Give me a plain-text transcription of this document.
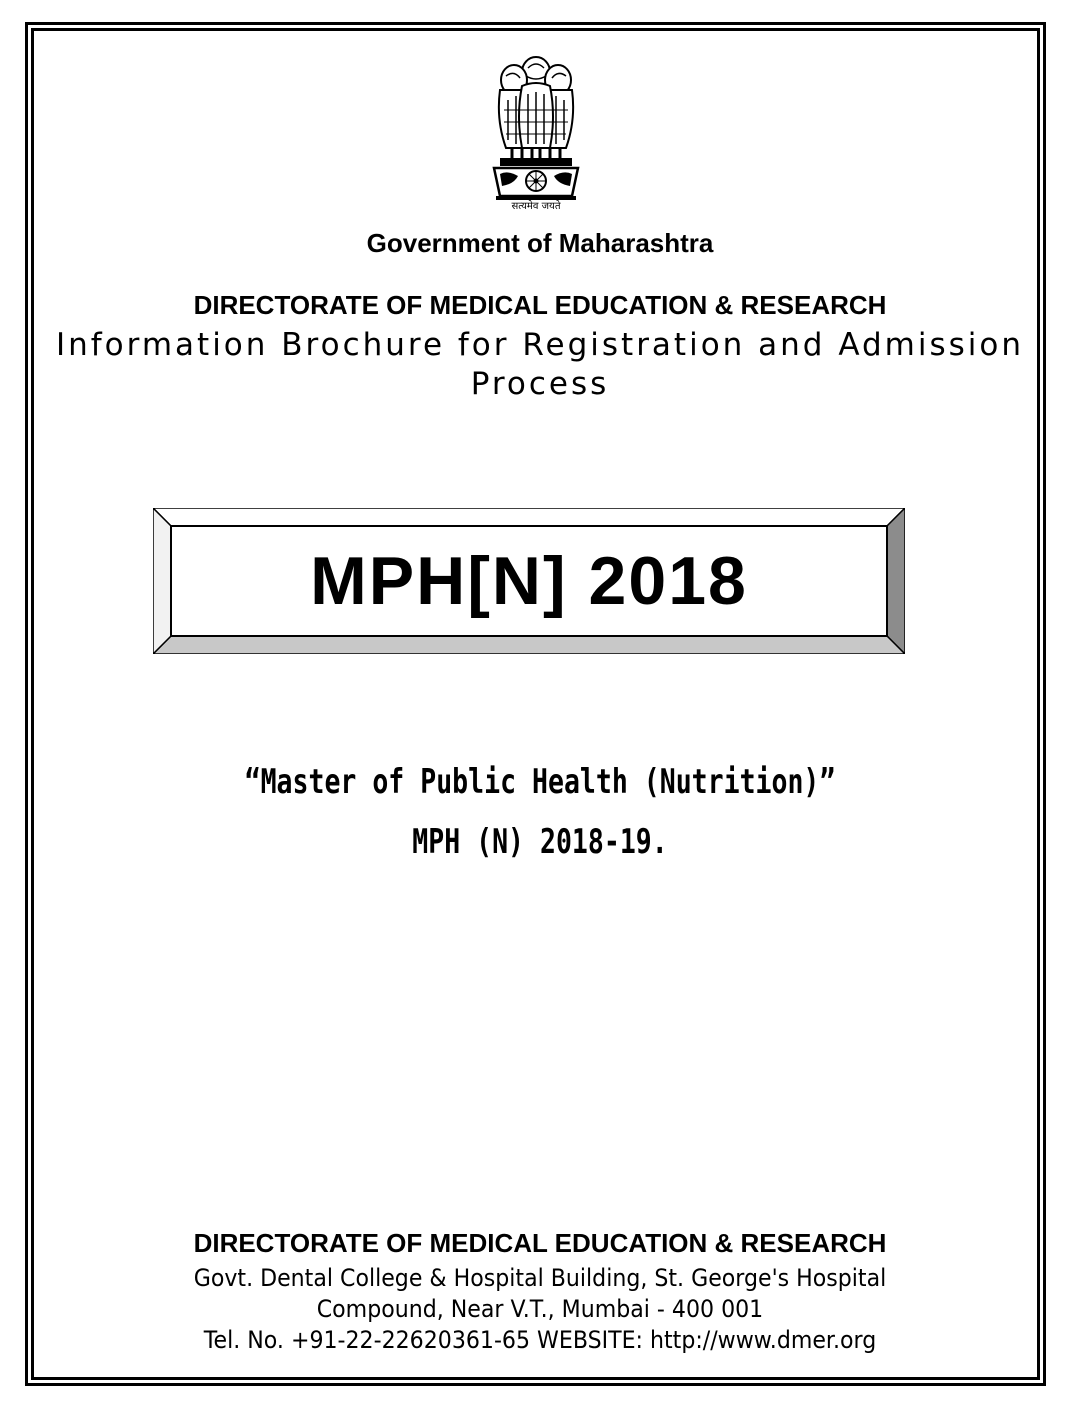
सत्यमेव जयते
Government of Maharashtra
DIRECTORATE OF MEDICAL EDUCATION & RESEARCH
Information Brochure for Registration and Admission Process
MPH[N] 2018
“Master of Public Health (Nutrition)”
MPH (N) 2018-19.
DIRECTORATE OF MEDICAL EDUCATION & RESEARCH
Govt. Dental College & Hospital Building, St. George's Hospital
Compound, Near V.T., Mumbai - 400 001
Tel. No. +91-22-22620361-65 WEBSITE: http://www.dmer.org
